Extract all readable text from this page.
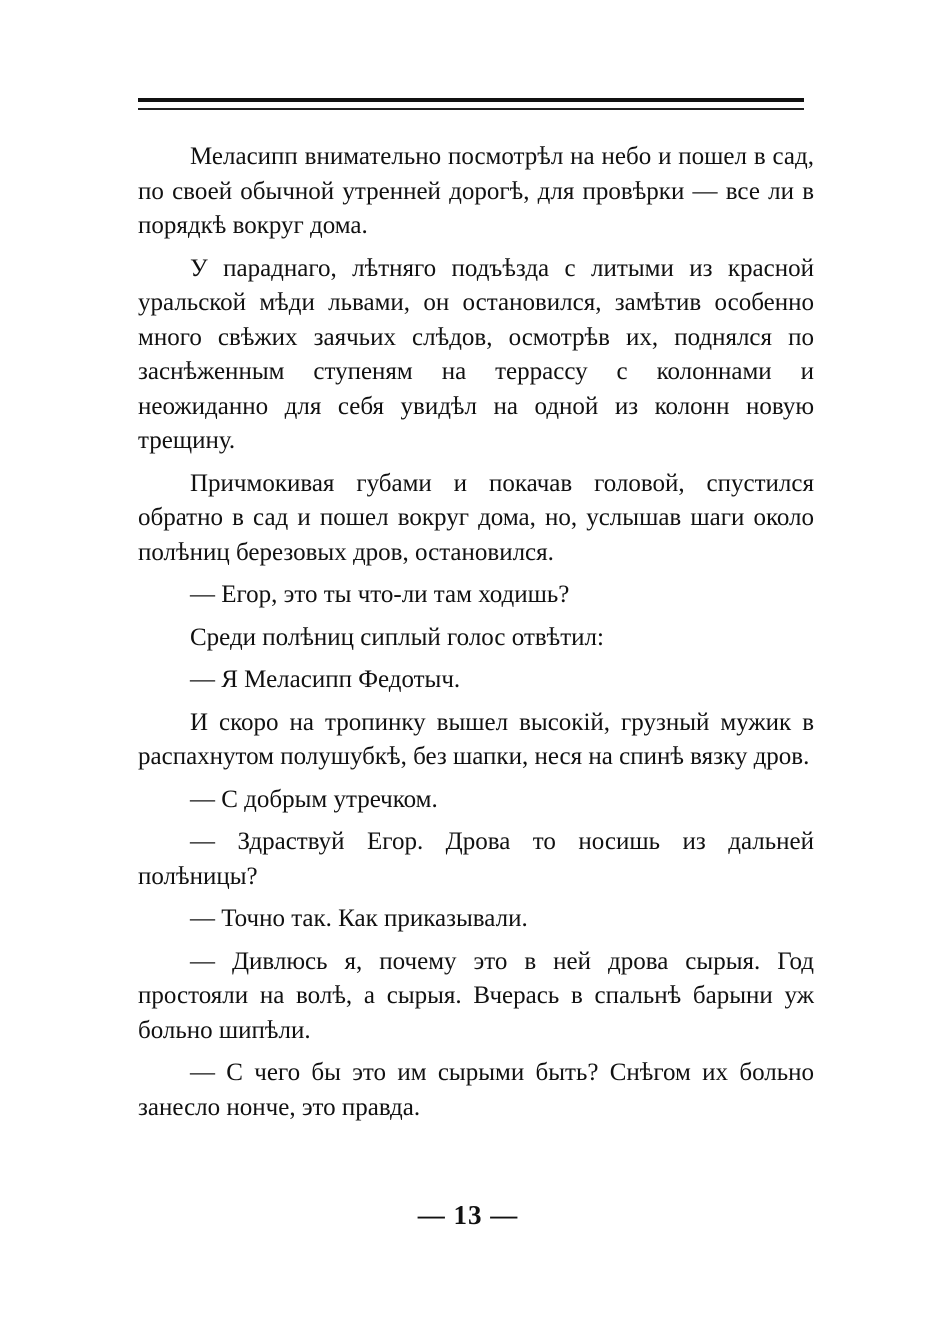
Меласипп внимательно посмотрѣл на небо и пошел в сад, по своей обычной утренней дорогѣ, для провѣрки — все ли в порядкѣ вокруг дома.

У параднаго, лѣтняго подъѣзда с литыми из красной уральской мѣди львами, он остановился, замѣтив особенно много свѣжих заячьих слѣдов, осмотрѣв их, поднялся по заснѣженным ступеням на террассу с колоннами и неожиданно для себя увидѣл на одной из колонн новую трещину.

Причмокивая губами и покачав головой, спустился обратно в сад и пошел вокруг дома, но, услышав шаги около полѣниц березовых дров, остановился.

— Егор, это ты что-ли там ходишь?

Среди полѣниц сиплый голос отвѣтил:

— Я Меласипп Федотыч.

И скоро на тропинку вышел высокій, грузный мужик в распахнутом полушубкѣ, без шапки, неся на спинѣ вязку дров.

— С добрым утречком.

— Здраствуй Егор. Дрова то носишь из дальней полѣницы?

— Точно так. Как приказывали.

— Дивлюсь я, почему это в ней дрова сырыя. Год простояли на волѣ, а сырыя. Вчерась в спальнѣ барыни уж больно шипѣли.

— С чего бы это им сырыми быть? Снѣгом их больно занесло нонче, это правда.

— 13 —
